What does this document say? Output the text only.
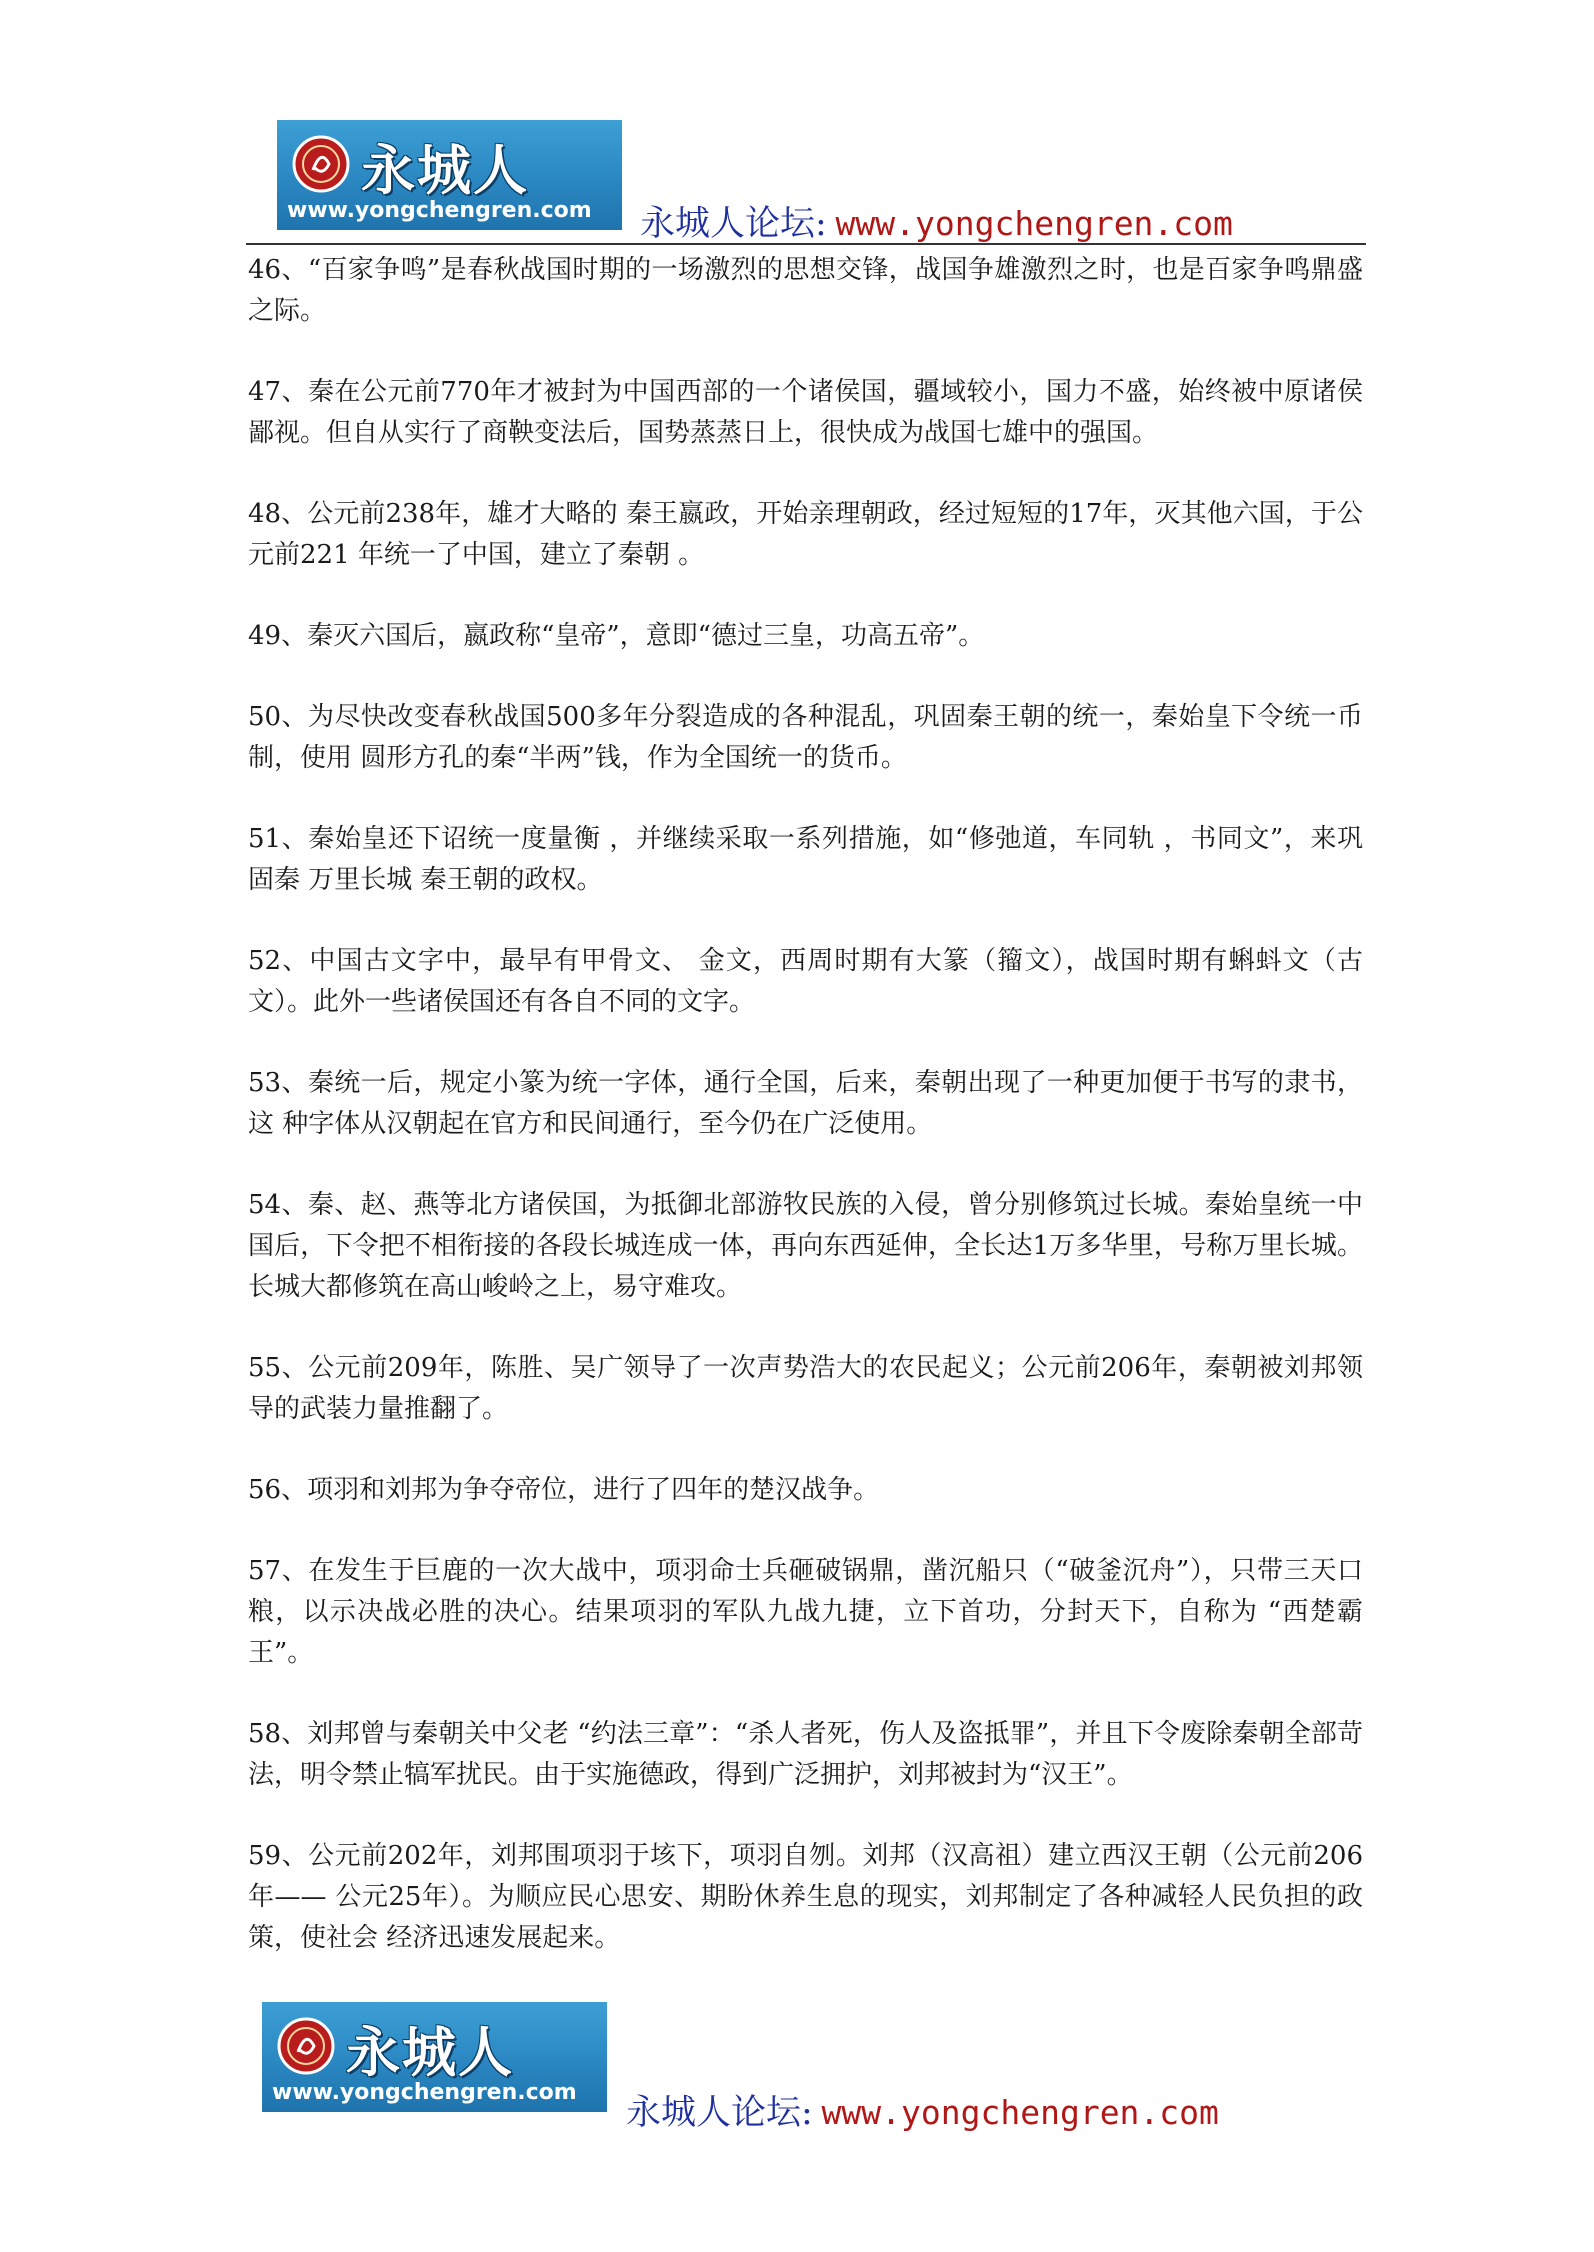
永城人
www.yongchengren.com 永城人论坛: www.yongchengren.com

46、“百家争鸣”是春秋战国时期的一场激烈的思想交锋，战国争雄激烈之时，也是百家争鸣鼎盛之际。

47、秦在公元前770年才被封为中国西部的一个诸侯国，疆域较小，国力不盛，始终被中原诸侯鄙视。但自从实行了商鞅变法后，国势蒸蒸日上，很快成为战国七雄中的强国。

48、公元前238年，雄才大略的 秦王嬴政，开始亲理朝政，经过短短的17年，灭其他六国，于公元前221 年统一了中国，建立了秦朝 。

49、秦灭六国后，嬴政称“皇帝”，意即“德过三皇，功高五帝”。

50、为尽快改变春秋战国500多年分裂造成的各种混乱，巩固秦王朝的统一，秦始皇下令统一币制，使用 圆形方孔的秦“半两”钱，作为全国统一的货币。

51、秦始皇还下诏统一度量衡 ，并继续采取一系列措施，如“修弛道，车同轨 ，书同文”，来巩固秦 万里长城 秦王朝的政权。

52、中国古文字中，最早有甲骨文、 金文，西周时期有大篆（籀文），战国时期有蝌蚪文（古文）。此外一些诸侯国还有各自不同的文字。

53、秦统一后，规定小篆为统一字体，通行全国，后来，秦朝出现了一种更加便于书写的隶书，这 种字体从汉朝起在官方和民间通行，至今仍在广泛使用。

54、秦、赵、燕等北方诸侯国，为抵御北部游牧民族的入侵，曾分别修筑过长城。秦始皇统一中国后，下令把不相衔接的各段长城连成一体，再向东西延伸，全长达1万多华里，号称万里长城。长城大都修筑在高山峻岭之上，易守难攻。

55、公元前209年，陈胜、吴广领导了一次声势浩大的农民起义；公元前206年，秦朝被刘邦领导的武装力量推翻了。

56、项羽和刘邦为争夺帝位，进行了四年的楚汉战争。

57、在发生于巨鹿的一次大战中，项羽命士兵砸破锅鼎，凿沉船只（“破釜沉舟”），只带三天口粮，以示决战必胜的决心。结果项羽的军队九战九捷，立下首功，分封天下，自称为 “西楚霸王”。

58、刘邦曾与秦朝关中父老 “约法三章”：“杀人者死，伤人及盗抵罪”，并且下令废除秦朝全部苛法，明令禁止犒军扰民。由于实施德政，得到广泛拥护，刘邦被封为“汉王”。

59、公元前202年，刘邦围项羽于垓下，项羽自刎。刘邦（汉高祖）建立西汉王朝（公元前206年—— 公元25年）。为顺应民心思安、期盼休养生息的现实，刘邦制定了各种减轻人民负担的政策，使社会 经济迅速发展起来。

永城人
www.yongchengren.com
永城人论坛: www.yongchengren.com
